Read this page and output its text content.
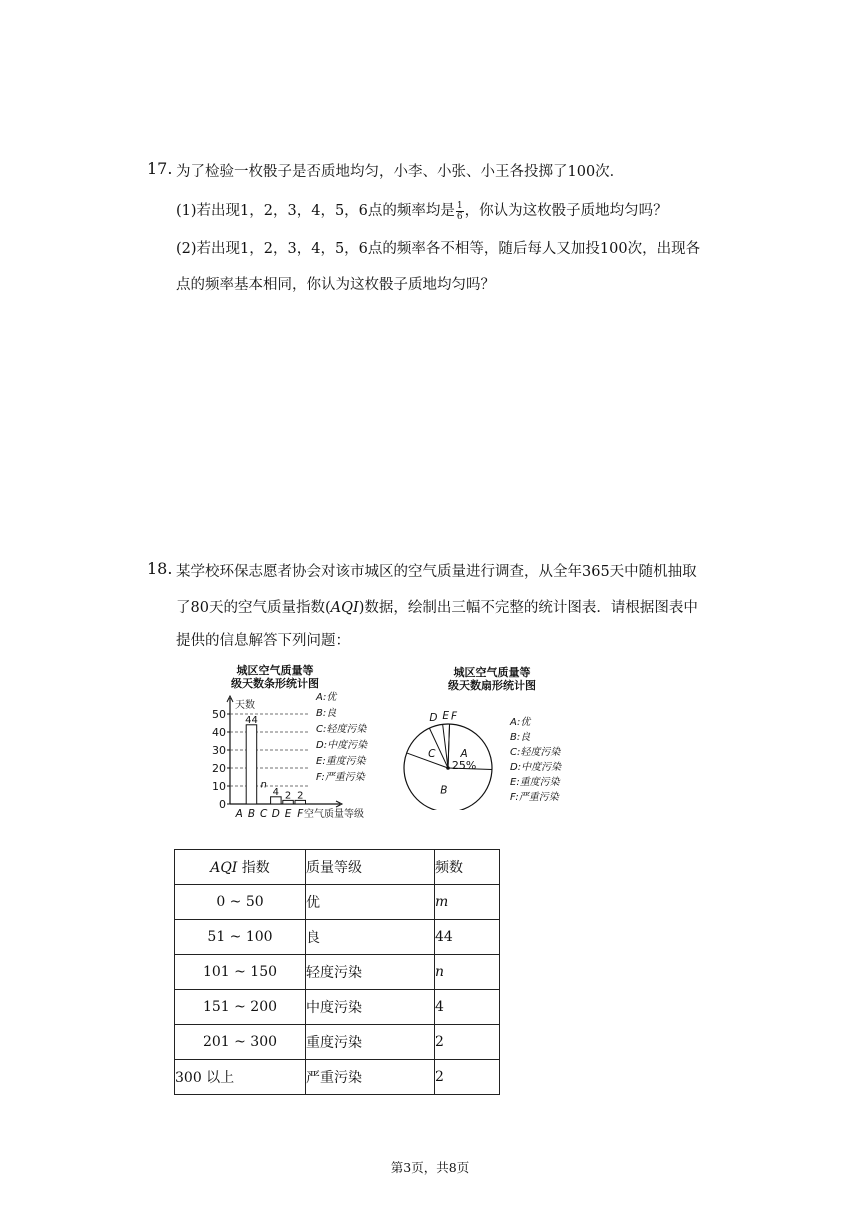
17. 为了检验一枚骰子是否质地均匀，小李、小张、小王各投掷了100次．
(1)若出现1，2，3，4，5，6点的频率均是 $\frac{1}{6}$ ，你认为这枚骰子质地均匀吗？
(2)若出现1，2，3，4，5，6点的频率各不相等，随后每人又加投100次，出现各
点的频率基本相同，你认为这枚骰子质地均匀吗？
18. 某学校环保志愿者协会对该市城区的空气质量进行调查，从全年365天中随机抽取
了80天的空气质量指数(AQI)数据，绘制出三幅不完整的统计图表．请根据图表中
提供的信息解答下列问题：
城区空气质量等
级天数条形统计图
天数
空气质量等级
0
10
20
30
40
50
A B
44
C
n
D
4
E
2
F
2
A:优
B:良
C:轻度污染
D:中度污染
E:重度污染
F:严重污染
城区空气质量等
级天数扇形统计图
A
25%
B
C
D E F
A:优
B:良
C:轻度污染
D:中度污染
E:重度污染
F:严重污染
AQI 指数	质量等级	频数
0 ~ 50	优	m
51 ~ 100	良	44
101 ~ 150	轻度污染	n
151 ~ 200	中度污染	4
201 ~ 300	重度污染	2
300 以上	严重污染	2
第3页，共8页
